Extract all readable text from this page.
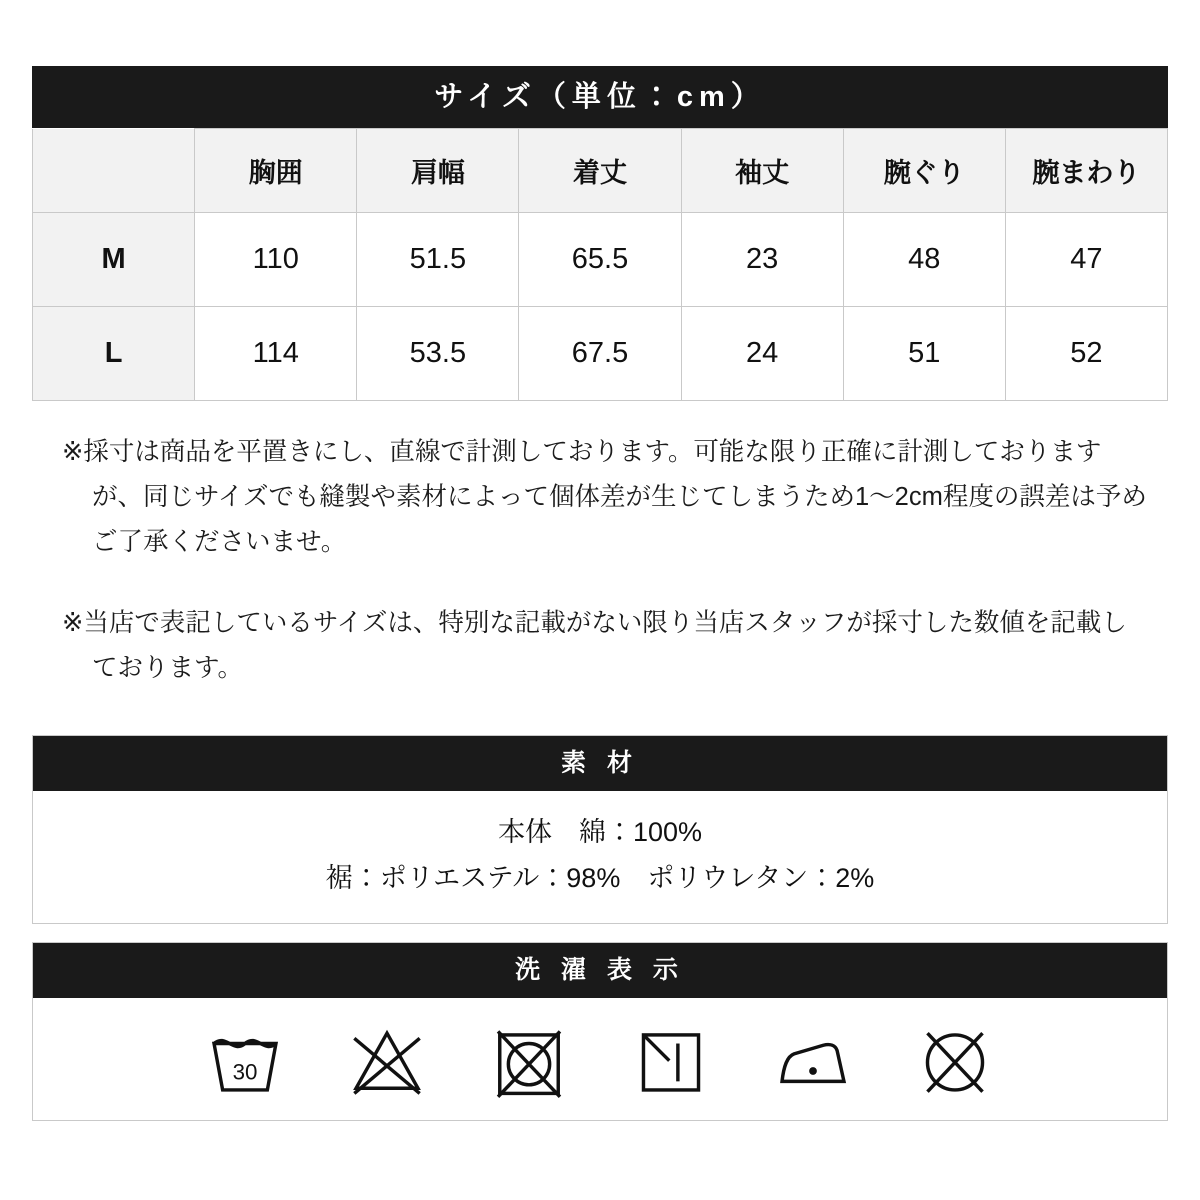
サイズ（単位：cm）
	胸囲	肩幅	着丈	袖丈	腕ぐり	腕まわり
M	110	51.5	65.5	23	48	47
L	114	53.5	67.5	24	51	52

※採寸は商品を平置きにし、直線で計測しております。可能な限り正確に計測しておりますが、同じサイズでも縫製や素材によって個体差が生じてしまうため1〜2cm程度の誤差は予めご了承くださいませ。

※当店で表記しているサイズは、特別な記載がない限り当店スタッフが採寸した数値を記載しております。

素 材
本体　綿：100%
裾：ポリエステル：98%　ポリウレタン：2%
洗 濯 表 示
30
